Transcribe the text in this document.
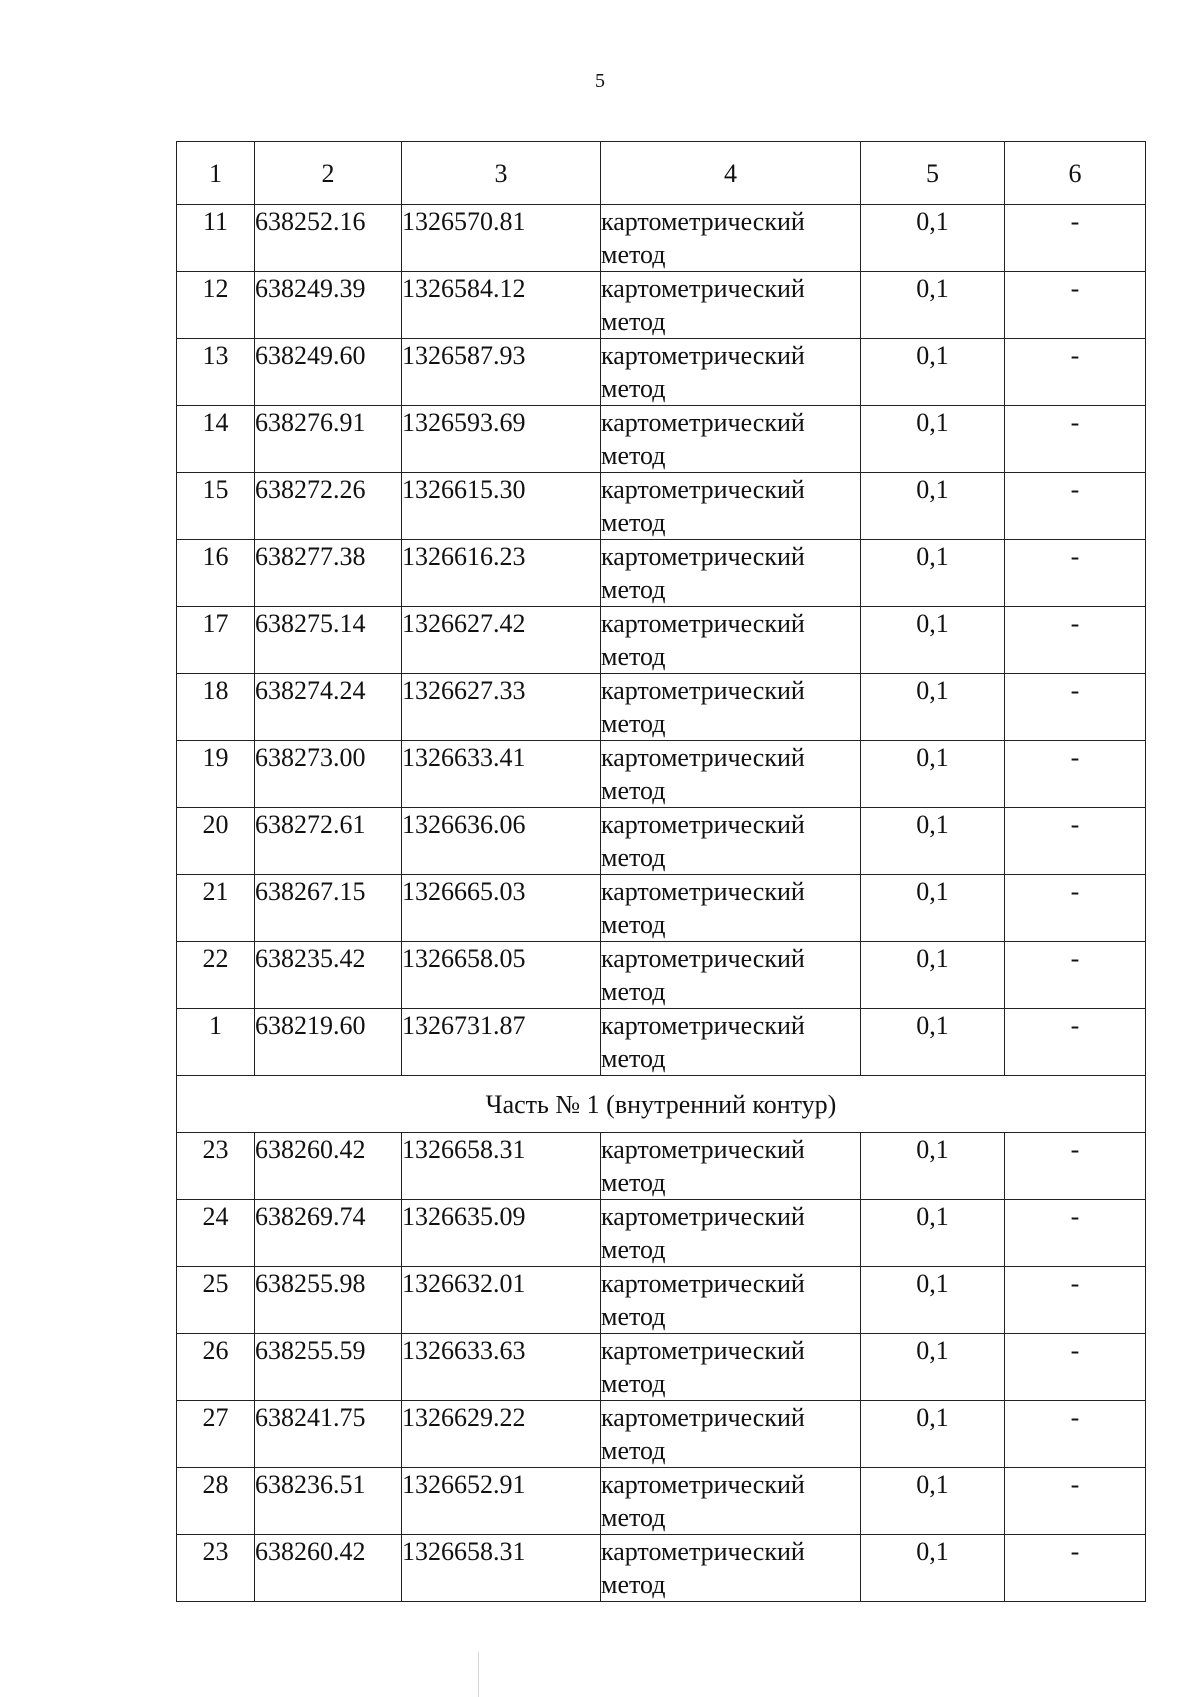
5
1	2	3	4	5	6
11	638252.16	1326570.81	картометрический
метод	0,1	-
12	638249.39	1326584.12	картометрический
метод	0,1	-
13	638249.60	1326587.93	картометрический
метод	0,1	-
14	638276.91	1326593.69	картометрический
метод	0,1	-
15	638272.26	1326615.30	картометрический
метод	0,1	-
16	638277.38	1326616.23	картометрический
метод	0,1	-
17	638275.14	1326627.42	картометрический
метод	0,1	-
18	638274.24	1326627.33	картометрический
метод	0,1	-
19	638273.00	1326633.41	картометрический
метод	0,1	-
20	638272.61	1326636.06	картометрический
метод	0,1	-
21	638267.15	1326665.03	картометрический
метод	0,1	-
22	638235.42	1326658.05	картометрический
метод	0,1	-
1	638219.60	1326731.87	картометрический
метод	0,1	-
Часть № 1 (внутренний контур)					
23	638260.42	1326658.31	картометрический
метод	0,1	-
24	638269.74	1326635.09	картометрический
метод	0,1	-
25	638255.98	1326632.01	картометрический
метод	0,1	-
26	638255.59	1326633.63	картометрический
метод	0,1	-
27	638241.75	1326629.22	картометрический
метод	0,1	-
28	638236.51	1326652.91	картометрический
метод	0,1	-
23	638260.42	1326658.31	картометрический
метод	0,1	-
